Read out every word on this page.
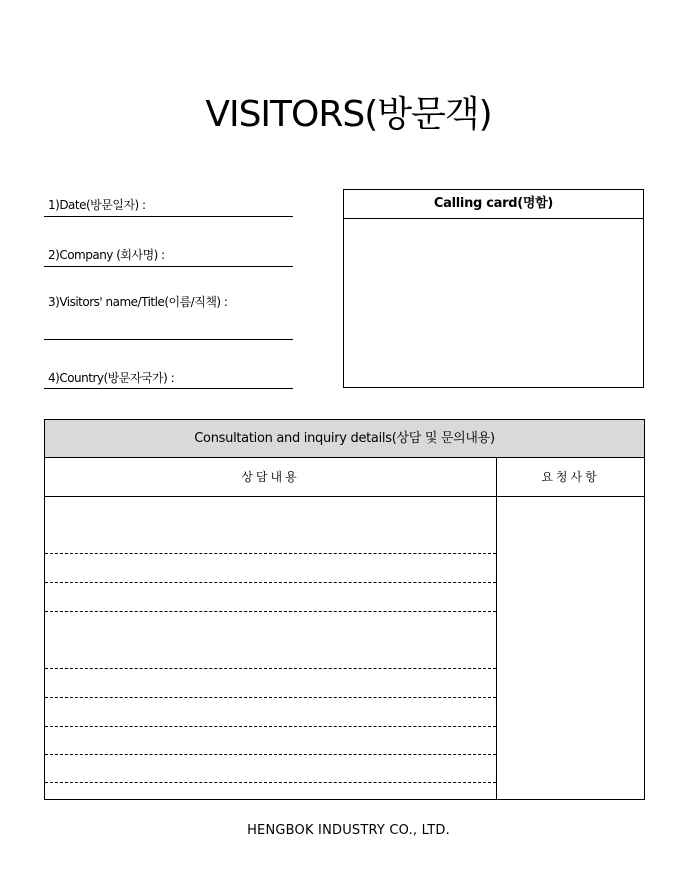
VISITORS(방문객)
1)Date(방문일자) :
2)Company (회사명) :
3)Visitors' name/Title(이름/직책) :
4)Country(방문자국가) :
Calling card(명함)
Consultation and inquiry details(상담 및 문의내용)
상담내용	요청사항
HENGBOK INDUSTRY CO., LTD.
